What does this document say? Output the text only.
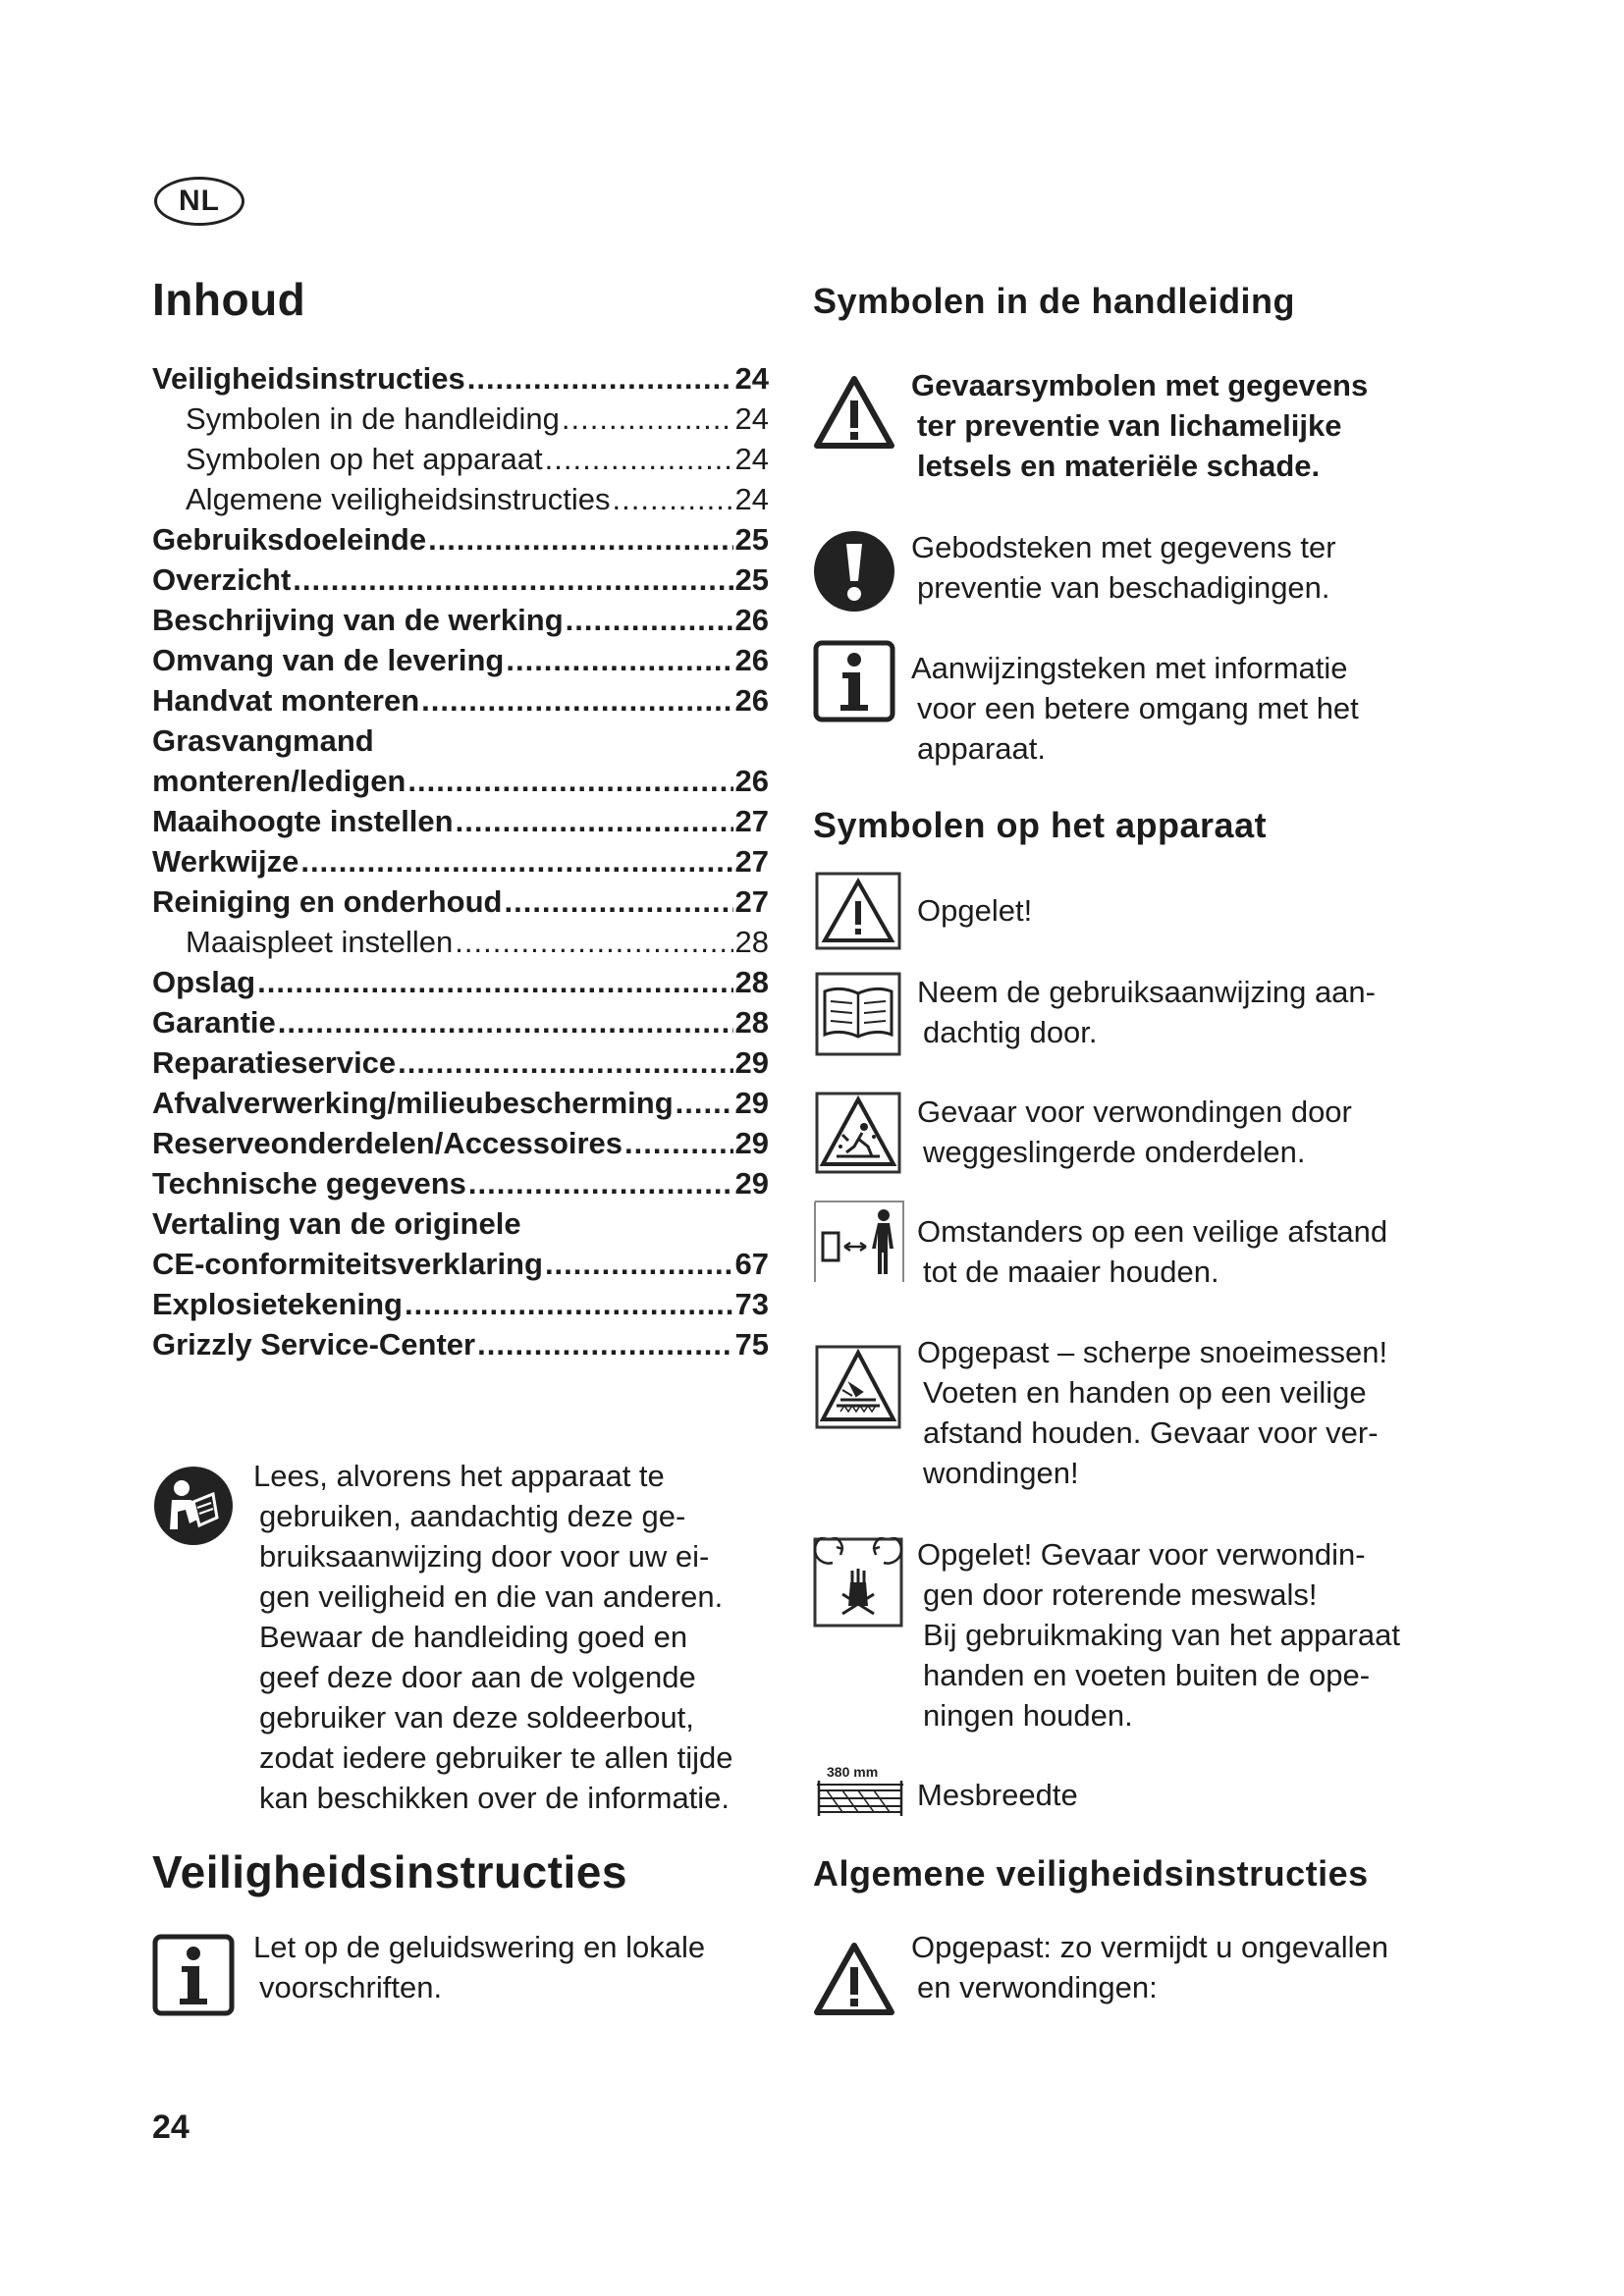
NL
Inhoud
Veiligheidsinstructies .....	24
Symbolen in de handleiding .....	24
Symbolen op het apparaat .....	24
Algemene veiligheidsinstructies .....	24
Gebruiksdoeleinde .....	25
Overzicht .....	25
Beschrijving van de werking .....	26
Omvang van de levering .....	26
Handvat monteren .....	26
Grasvangmand
monteren/ledigen .....	26
Maaihoogte instellen .....	27
Werkwijze .....	27
Reiniging en onderhoud .....	27
Maaispleet instellen .....	28
Opslag .....	28
Garantie .....	28
Reparatieservice .....	29
Afvalverwerking/milieubescherming ..... 29
Reserveonderdelen/Accessoires .....	29
Technische gegevens .....	29
Vertaling van de originele
CE-conformiteitsverklaring .....	67
Explosietekening .....	73
Grizzly Service-Center .....	75
Lees, alvorens het apparaat te
gebruiken, aandachtig deze ge-
bruiksaanwijzing door voor uw ei-
gen veiligheid en die van anderen.
Bewaar de handleiding goed en
geef deze door aan de volgende
gebruiker van deze soldeerbout,
zodat iedere gebruiker te allen tijde
kan beschikken over de informatie.
Veiligheidsinstructies
Let op de geluidswering en lokale
voorschriften.
Symbolen in de handleiding
Gevaarsymbolen met gegevens
ter preventie van lichamelijke
letsels en materiële schade.
Gebodsteken met gegevens ter
preventie van beschadigingen.
Aanwijzingsteken met informatie
voor een betere omgang met het
apparaat.
Symbolen op het apparaat
Opgelet!
Neem de gebruiksaanwijzing aan-
dachtig door.
Gevaar voor verwondingen door
weggeslingerde onderdelen.
Omstanders op een veilige afstand
tot de maaier houden.
Opgepast – scherpe snoeimessen!
Voeten en handen op een veilige
afstand houden. Gevaar voor ver-
wondingen!
Opgelet! Gevaar voor verwondin-
gen door roterende meswals!
Bij gebruikmaking van het apparaat
handen en voeten buiten de ope-
ningen houden.
380 mm
Mesbreedte
Algemene veiligheidsinstructies
Opgepast: zo vermijdt u ongevallen
en verwondingen:
24
